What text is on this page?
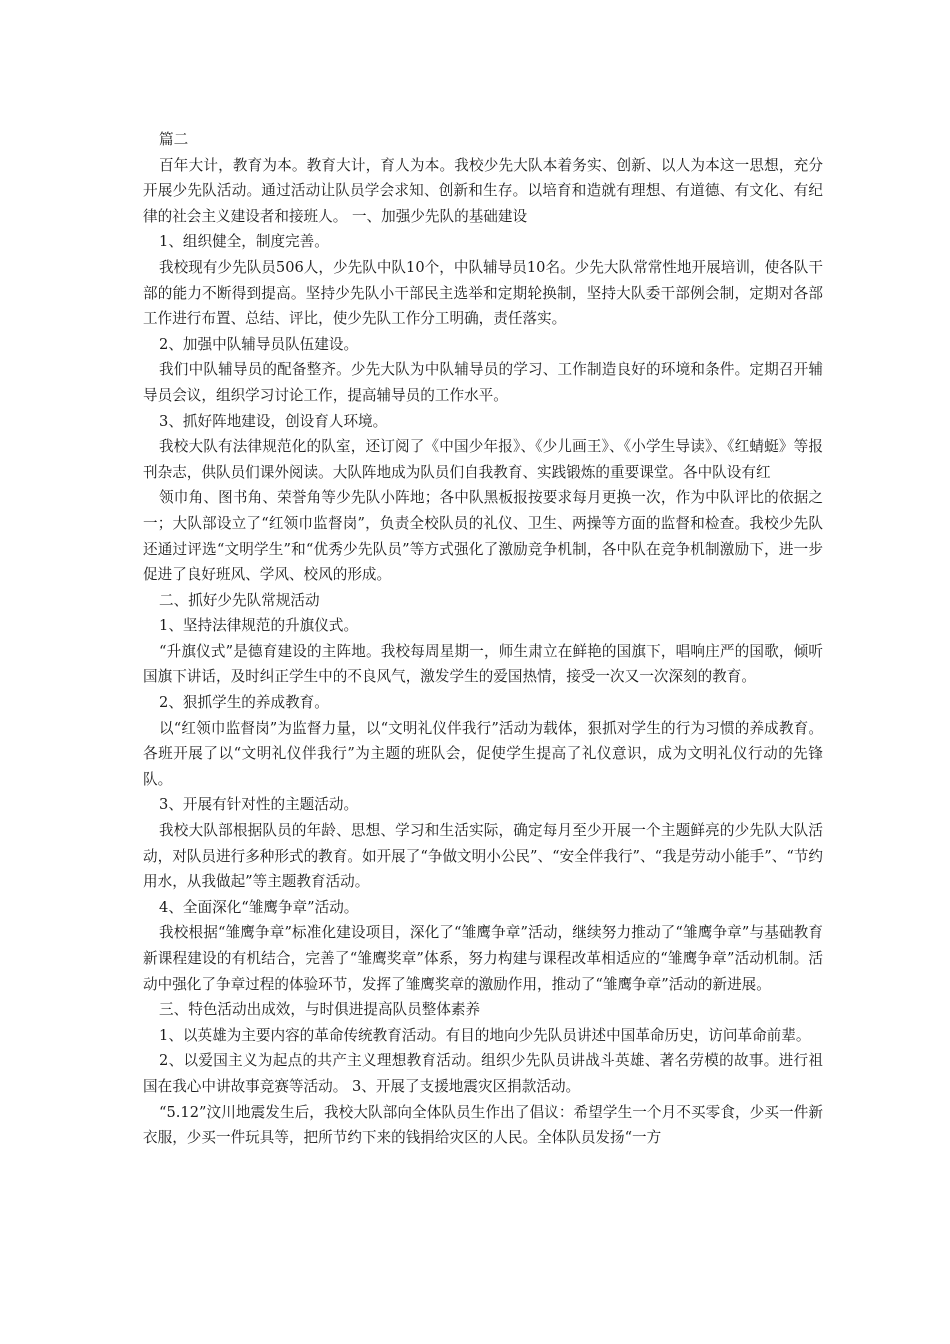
篇二

百年大计，教育为本。教育大计，育人为本。我校少先大队本着务实、创新、以人为本这一思想，充分开展少先队活动。通过活动让队员学会求知、创新和生存。以培育和造就有理想、有道德、有文化、有纪律的社会主义建设者和接班人。 一、加强少先队的基础建设

1、组织健全，制度完善。

我校现有少先队员506人，少先队中队10个，中队辅导员10名。少先大队常常性地开展培训，使各队干部的能力不断得到提高。坚持少先队小干部民主选举和定期轮换制，坚持大队委干部例会制，定期对各部工作进行布置、总结、评比，使少先队工作分工明确，责任落实。

2、加强中队辅导员队伍建设。

我们中队辅导员的配备整齐。少先大队为中队辅导员的学习、工作制造良好的环境和条件。定期召开辅导员会议，组织学习讨论工作，提高辅导员的工作水平。

3、抓好阵地建设，创设育人环境。

我校大队有法律规范化的队室，还订阅了《中国少年报》、《少儿画王》、《小学生导读》、《红蜻蜓》等报刊杂志，供队员们课外阅读。大队阵地成为队员们自我教育、实践锻炼的重要课堂。各中队设有红

领巾角、图书角、荣誉角等少先队小阵地；各中队黑板报按要求每月更换一次，作为中队评比的依据之一；大队部设立了“红领巾监督岗”，负责全校队员的礼仪、卫生、两操等方面的监督和检查。我校少先队还通过评选“文明学生”和“优秀少先队员”等方式强化了激励竞争机制，各中队在竞争机制激励下，进一步促进了良好班风、学风、校风的形成。

二、抓好少先队常规活动

1、坚持法律规范的升旗仪式。

“升旗仪式”是德育建设的主阵地。我校每周星期一，师生肃立在鲜艳的国旗下，唱响庄严的国歌，倾听国旗下讲话，及时纠正学生中的不良风气，激发学生的爱国热情，接受一次又一次深刻的教育。

2、狠抓学生的养成教育。

以“红领巾监督岗”为监督力量，以“文明礼仪伴我行”活动为载体，狠抓对学生的行为习惯的养成教育。各班开展了以“文明礼仪伴我行”为主题的班队会，促使学生提高了礼仪意识，成为文明礼仪行动的先锋队。

3、开展有针对性的主题活动。

我校大队部根据队员的年龄、思想、学习和生活实际，确定每月至少开展一个主题鲜亮的少先队大队活动，对队员进行多种形式的教育。如开展了“争做文明小公民”、“安全伴我行”、“我是劳动小能手”、“节约用水，从我做起”等主题教育活动。

4、全面深化“雏鹰争章”活动。

我校根据“雏鹰争章”标准化建设项目，深化了“雏鹰争章”活动，继续努力推动了“雏鹰争章”与基础教育新课程建设的有机结合，完善了“雏鹰奖章”体系，努力构建与课程改革相适应的“雏鹰争章”活动机制。活动中强化了争章过程的体验环节，发挥了雏鹰奖章的激励作用，推动了“雏鹰争章”活动的新进展。

三、特色活动出成效，与时俱进提高队员整体素养

1、以英雄为主要内容的革命传统教育活动。有目的地向少先队员讲述中国革命历史，访问革命前辈。

2、以爱国主义为起点的共产主义理想教育活动。组织少先队员讲战斗英雄、著名劳模的故事。进行祖国在我心中讲故事竞赛等活动。 3、开展了支援地震灾区捐款活动。

“5.12”汶川地震发生后，我校大队部向全体队员生作出了倡议：希望学生一个月不买零食，少买一件新衣服，少买一件玩具等，把所节约下来的钱捐给灾区的人民。全体队员发扬“一方
